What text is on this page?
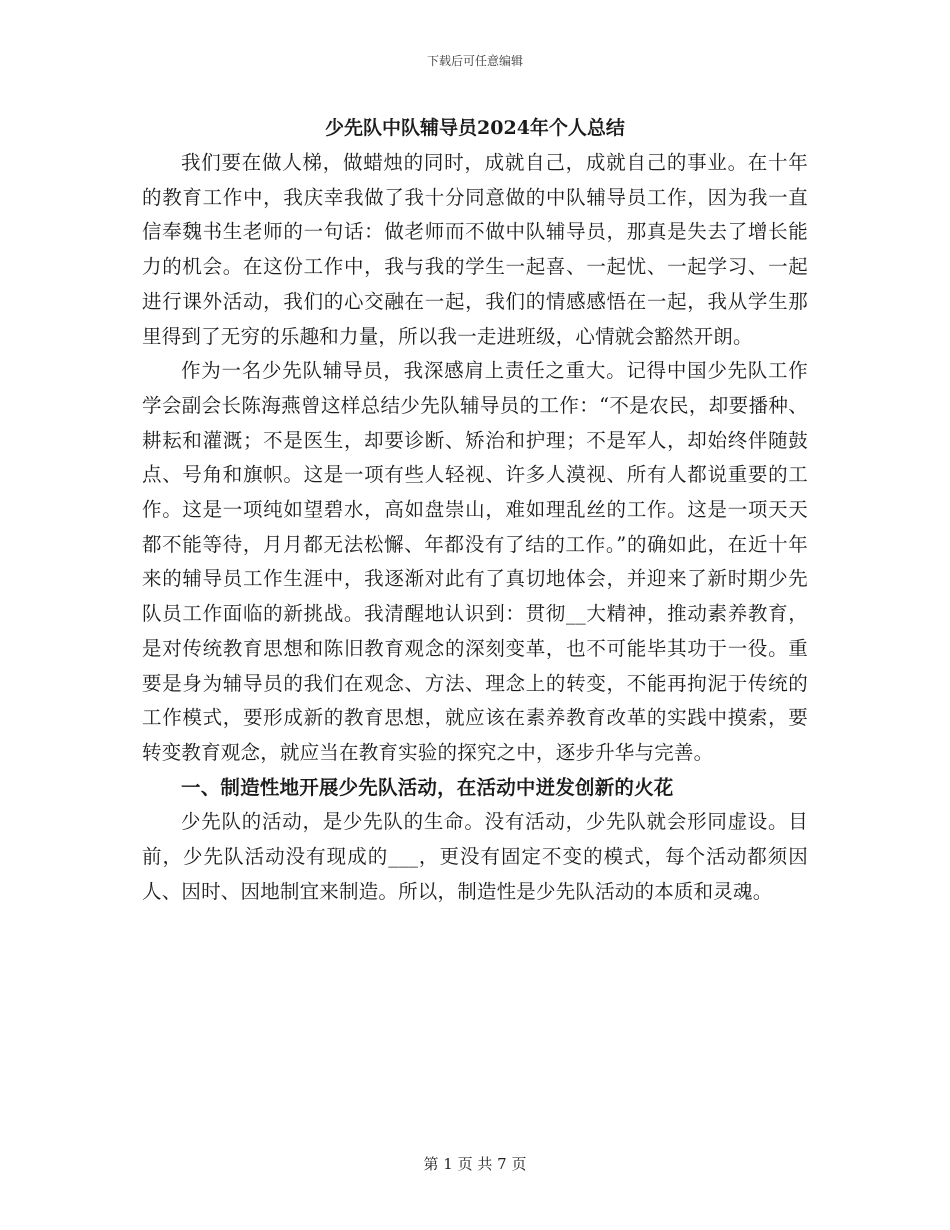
下载后可任意编辑
少先队中队辅导员2024年个人总结

我们要在做人梯，做蜡烛的同时，成就自己，成就自己的事业。在十年的教育工作中，我庆幸我做了我十分同意做的中队辅导员工作，因为我一直信奉魏书生老师的一句话：做老师而不做中队辅导员，那真是失去了增长能力的机会。在这份工作中，我与我的学生一起喜、一起忧、一起学习、一起进行课外活动，我们的心交融在一起，我们的情感感悟在一起，我从学生那里得到了无穷的乐趣和力量，所以我一走进班级，心情就会豁然开朗。

作为一名少先队辅导员，我深感肩上责任之重大。记得中国少先队工作学会副会长陈海燕曾这样总结少先队辅导员的工作：“不是农民，却要播种、耕耘和灌溉；不是医生，却要诊断、矫治和护理；不是军人，却始终伴随鼓点、号角和旗帜。这是一项有些人轻视、许多人漠视、所有人都说重要的工作。这是一项纯如望碧水，高如盘崇山，难如理乱丝的工作。这是一项天天都不能等待，月月都无法松懈、年都没有了结的工作。”的确如此，在近十年来的辅导员工作生涯中，我逐渐对此有了真切地体会，并迎来了新时期少先队员工作面临的新挑战。我清醒地认识到：贯彻__大精神，推动素养教育，是对传统教育思想和陈旧教育观念的深刻变革，也不可能毕其功于一役。重要是身为辅导员的我们在观念、方法、理念上的转变，不能再拘泥于传统的工作模式，要形成新的教育思想，就应该在素养教育改革的实践中摸索，要转变教育观念，就应当在教育实验的探究之中，逐步升华与完善。

一、制造性地开展少先队活动，在活动中迸发创新的火花

少先队的活动，是少先队的生命。没有活动，少先队就会形同虚设。目前，少先队活动没有现成的___，更没有固定不变的模式，每个活动都须因人、因时、因地制宜来制造。所以，制造性是少先队活动的本质和灵魂。

第 1 页 共 7 页
